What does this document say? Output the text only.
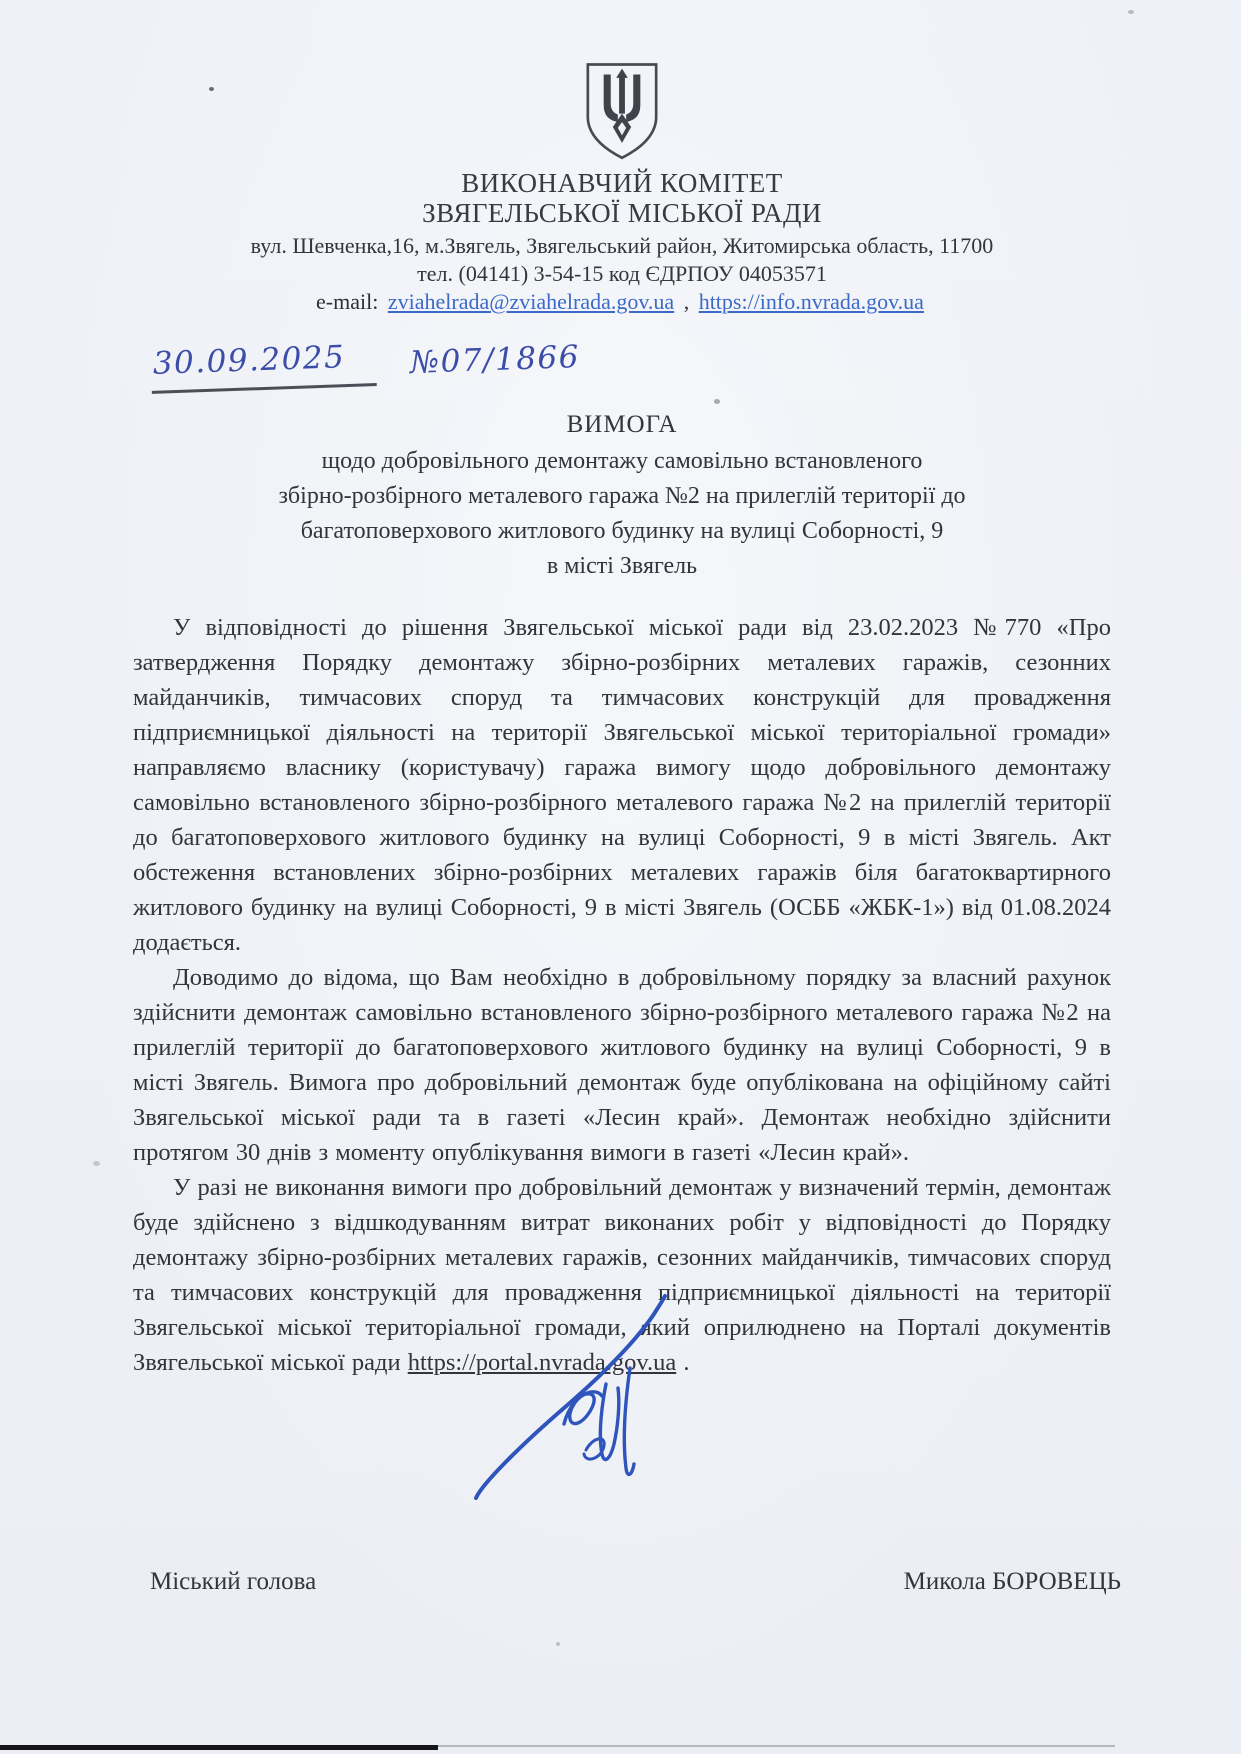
ВИКОНАВЧИЙ КОМІТЕТ
ЗВЯГЕЛЬСЬКОЇ МІСЬКОЇ РАДИ
вул. Шевченка,16, м.Звягель, Звягельський район, Житомирська область, 11700
тел. (04141) 3-54-15 код ЄДРПОУ 04053571
e-mail: zviahelrada@zviahelrada.gov.ua , https://info.nvrada.gov.ua
30.09.2025	№07/1866
ВИМОГА
щодо добровільного демонтажу самовільно встановленого
збірно-розбірного металевого гаража №2 на прилеглій території до
багатоповерхового житлового будинку на вулиці Соборності, 9
в місті Звягель

У відповідності до рішення Звягельської міської ради від 23.02.2023 №770 «Про затвердження Порядку демонтажу збірно-розбірних металевих гаражів, сезонних майданчиків, тимчасових споруд та тимчасових конструкцій для провадження підприємницької діяльності на території Звягельської міської територіальної громади» направляємо власнику (користувачу) гаража вимогу щодо добровільного демонтажу самовільно встановленого збірно-розбірного металевого гаража №2 на прилеглій території до багатоповерхового житлового будинку на вулиці Соборності, 9 в місті Звягель. Акт обстеження встановлених збірно-розбірних металевих гаражів біля багатоквартирного житлового будинку на вулиці Соборності, 9 в місті Звягель (ОСББ «ЖБК-1») від 01.08.2024 додається.

Доводимо до відома, що Вам необхідно в добровільному порядку за власний рахунок здійснити демонтаж самовільно встановленого збірно-розбірного металевого гаража №2 на прилеглій території до багатоповерхового житлового будинку на вулиці Соборності, 9 в місті Звягель. Вимога про добровільний демонтаж буде опублікована на офіційному сайті Звягельської міської ради та в газеті «Лесин край». Демонтаж необхідно здійснити протягом 30 днів з моменту опублікування вимоги в газеті «Лесин край».

У разі не виконання вимоги про добровільний демонтаж у визначений термін, демонтаж буде здійснено з відшкодуванням витрат виконаних робіт у відповідності до Порядку демонтажу збірно-розбірних металевих гаражів, сезонних майданчиків, тимчасових споруд та тимчасових конструкцій для провадження підприємницької діяльності на території Звягельської міської територіальної громади, який оприлюднено на Порталі документів Звягельської міської ради https://portal.nvrada.gov.ua .

Міський голова	Микола БОРОВЕЦЬ
